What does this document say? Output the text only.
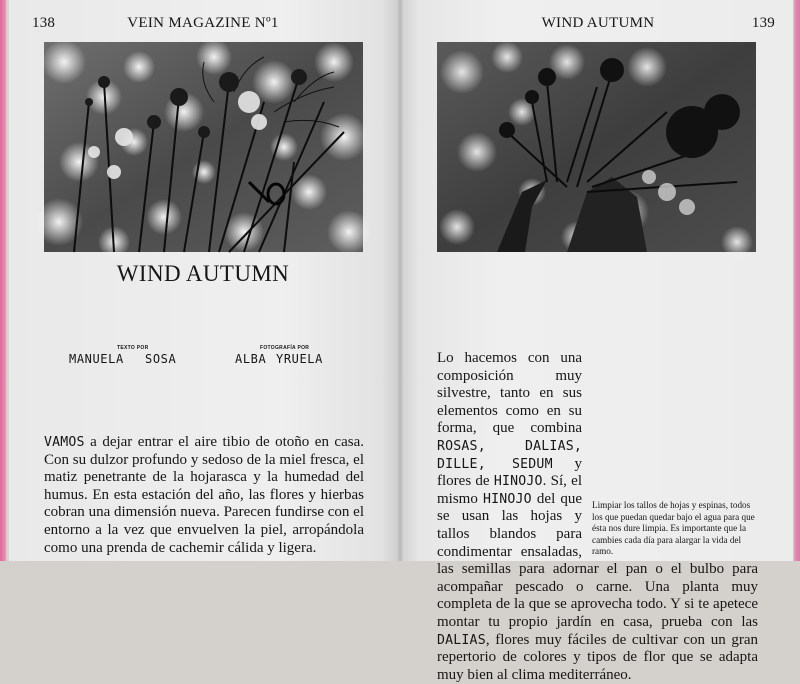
138	VEIN MAGAZINE Nº1
WIND AUTUMN
TEXTO POR
MANUELA SOSA
FOTOGRAFÍA POR
ALBA YRUELA

VAMOS a dejar entrar el aire tibio de otoño en casa. Con su dulzor profundo y sedoso de la miel fresca, el matiz penetrante de la hojarasca y la humedad del humus. En esta estación del año, las flores y hierbas cobran una dimensión nueva. Parecen fundirse con el entorno a la vez que envuelven la piel, arropándola como una prenda de cachemir cálida y ligera.

WIND AUTUMN	139

Lo hacemos con una composición muy silvestre, tanto en sus elementos como en su forma, que combina ROSAS, DALIAS, DILLE, SEDUM y flores de HINOJO. Sí, el mismo HINOJO del que se usan las hojas y tallos blandos para condimentar ensaladas, las semillas para adornar el pan o el bulbo para acompañar pescado o carne. Una planta muy completa de la que se aprovecha todo. Y si te apetece montar tu propio jardín en casa, prueba con las DALIAS, flores muy fáciles de cultivar con un gran repertorio de colores y tipos de flor que se adapta muy bien al clima mediterráneo.

Limpiar los tallos de hojas y espinas, todos los que puedan quedar bajo el agua para que ésta nos dure limpia. Es importante que la cambies cada día para alargar la vida del ramo.
